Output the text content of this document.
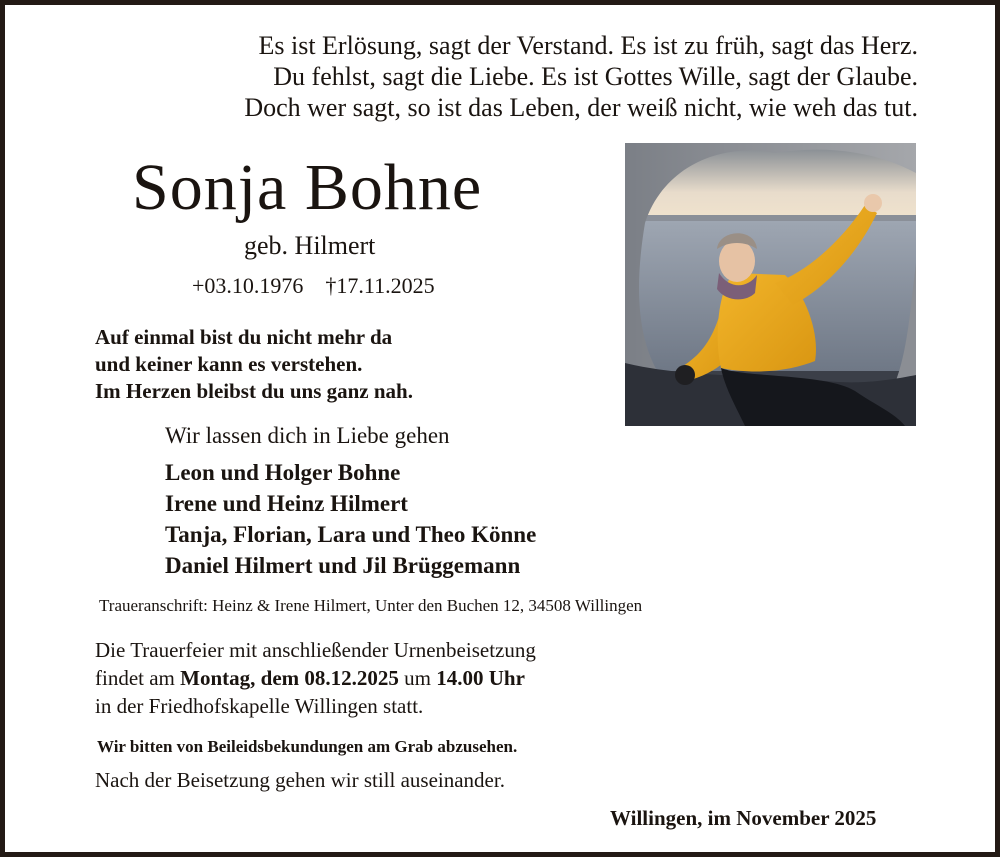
Es ist Erlösung, sagt der Verstand. Es ist zu früh, sagt das Herz.
Du fehlst, sagt die Liebe. Es ist Gottes Wille, sagt der Glaube.
Doch wer sagt, so ist das Leben, der weiß nicht, wie weh das tut.
Sonja Bohne
geb. Hilmert
+03.10.1976    †17.11.2025
Auf einmal bist du nicht mehr da
und keiner kann es verstehen.
Im Herzen bleibst du uns ganz nah.
Wir lassen dich in Liebe gehen
Leon und Holger Bohne
Irene und Heinz Hilmert
Tanja, Florian, Lara und Theo Könne
Daniel Hilmert und Jil Brüggemann
Traueranschrift: Heinz & Irene Hilmert, Unter den Buchen 12, 34508 Willingen
Die Trauerfeier mit anschließender Urnenbeisetzung
findet am Montag, dem 08.12.2025 um 14.00 Uhr
in der Friedhofskapelle Willingen statt.
Wir bitten von Beileidsbekundungen am Grab abzusehen.
Nach der Beisetzung gehen wir still auseinander.
Willingen, im November 2025
